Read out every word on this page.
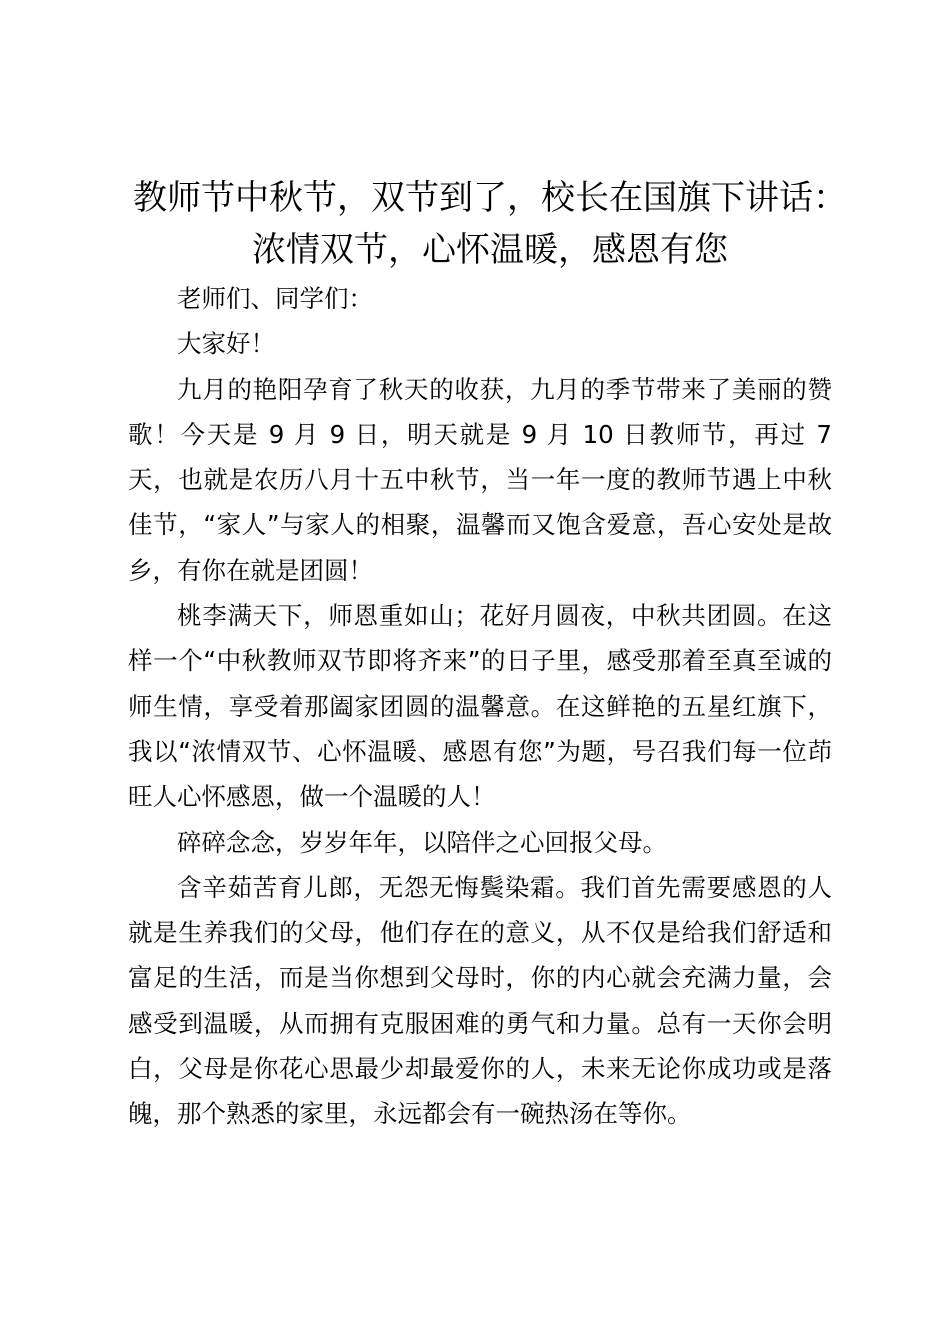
教师节中秋节，双节到了，校长在国旗下讲话：
浓情双节，心怀温暖，感恩有您

老师们、同学们：

大家好！

九月的艳阳孕育了秋天的收获，九月的季节带来了美丽的赞歌！今天是 9 月 9 日，明天就是 9 月 10 日教师节，再过 7 天，也就是农历八月十五中秋节，当一年一度的教师节遇上中秋佳节，“家人”与家人的相聚，温馨而又饱含爱意，吾心安处是故乡，有你在就是团圆！

桃李满天下，师恩重如山；花好月圆夜，中秋共团圆。在这样一个“中秋教师双节即将齐来”的日子里，感受那着至真至诚的师生情，享受着那阖家团圆的温馨意。在这鲜艳的五星红旗下，我以“浓情双节、心怀温暖、感恩有您”为题，号召我们每一位茚旺人心怀感恩，做一个温暖的人！

碎碎念念，岁岁年年，以陪伴之心回报父母。

含辛茹苦育儿郎，无怨无悔鬓染霜。我们首先需要感恩的人就是生养我们的父母，他们存在的意义，从不仅是给我们舒适和富足的生活，而是当你想到父母时，你的内心就会充满力量，会感受到温暖，从而拥有克服困难的勇气和力量。总有一天你会明白，父母是你花心思最少却最爱你的人，未来无论你成功或是落魄，那个熟悉的家里，永远都会有一碗热汤在等你。
